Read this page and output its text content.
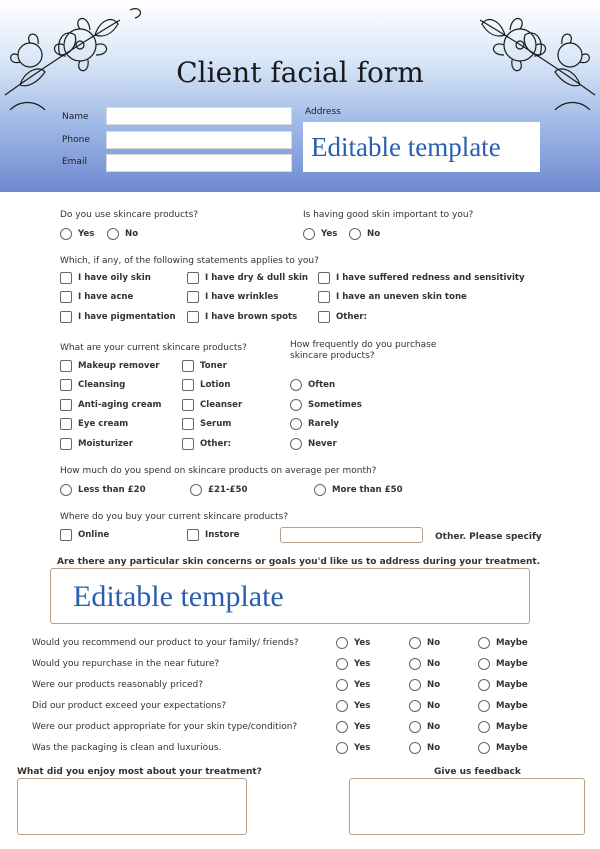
Client facial form
Name
Phone
Email
Address
Editable template
Do you use skincare products?
Yes	No
Is having good skin important to you?
Yes	No
Which, if any, of the following statements applies to you?
I have oily skin	I have dry & dull skin	I have suffered redness and sensitivity
I have acne	I have wrinkles	I have an uneven skin tone
I have pigmentation	I have brown spots	Other:
What are your current skincare products?
Makeup remover	Toner
Cleansing	Lotion
Anti-aging cream	Cleanser
Eye cream	Serum
Moisturizer	Other:
How frequently do you purchase
skincare products?
Often
Sometimes
Rarely
Never
How much do you spend on skincare products on average per month?
Less than £20	£21-£50	More than £50
Where do you buy your current skincare products?
Online	Instore	Other. Please specify
Are there any particular skin concerns or goals you'd like us to address during your treatment.
Editable template
Would you recommend our product to your family/ friends?	Yes	No	Maybe
Would you repurchase in the near future?	Yes	No	Maybe
Were our products reasonably priced?	Yes	No	Maybe
Did our product exceed your expectations?	Yes	No	Maybe
Were our product appropriate for your skin type/condition?	Yes	No	Maybe
Was the packaging is clean and luxurious.	Yes	No	Maybe
What did you enjoy most about your treatment?	Give us feedback
